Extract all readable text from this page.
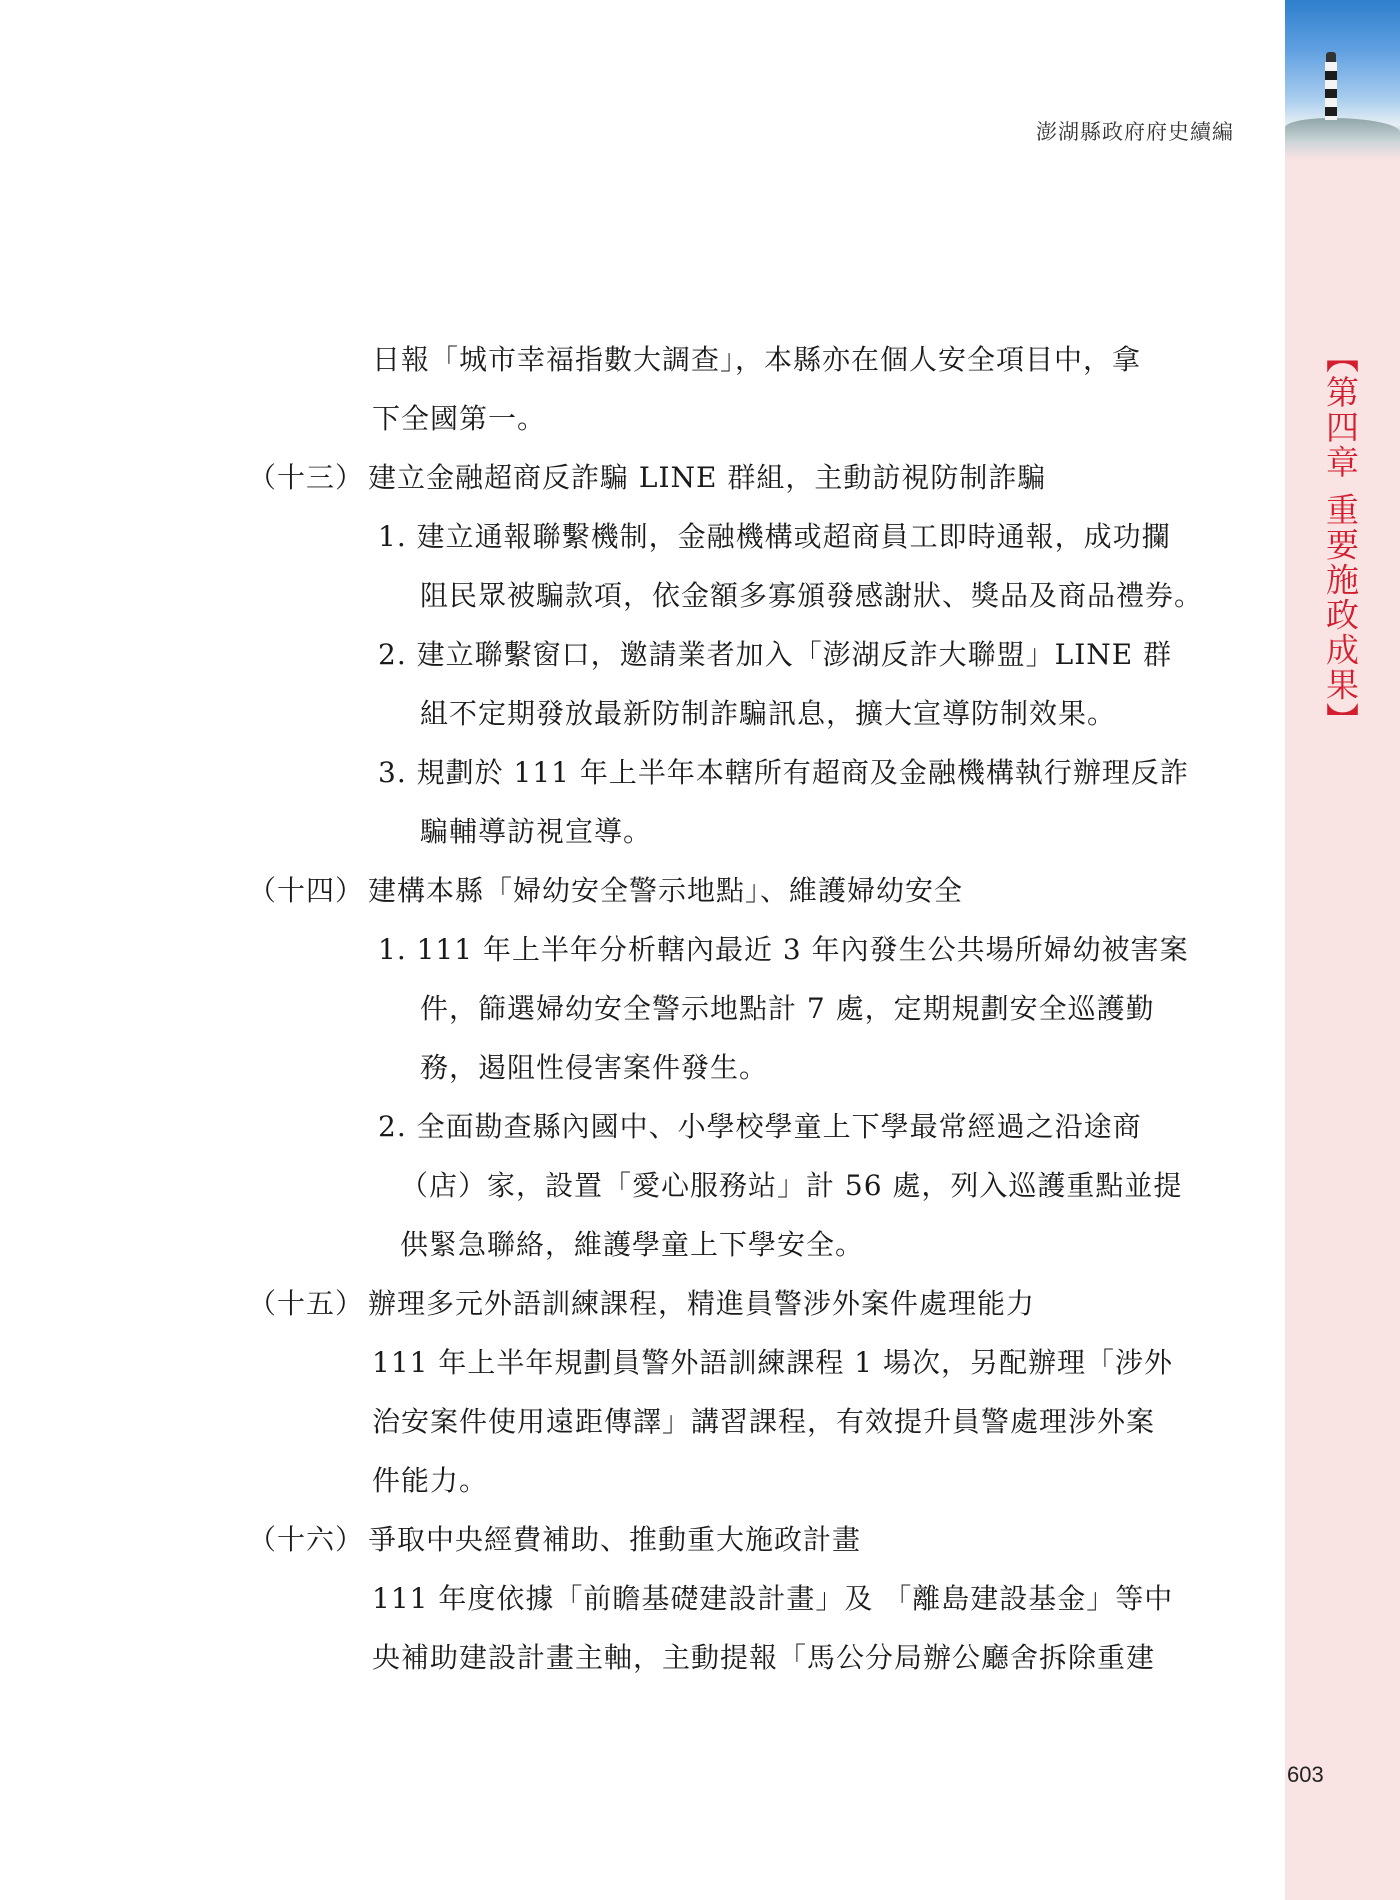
【第四章 重要施政成果】
澎湖縣政府府史續編
日報「城市幸福指數大調查」，本縣亦在個人安全項目中，拿
下全國第一。
（十三） 建立金融超商反詐騙 LINE 群組，主動訪視防制詐騙
1. 建立通報聯繫機制，金融機構或超商員工即時通報，成功攔
阻民眾被騙款項，依金額多寡頒發感謝狀、獎品及商品禮券。
2. 建立聯繫窗口，邀請業者加入「澎湖反詐大聯盟」LINE 群
組不定期發放最新防制詐騙訊息，擴大宣導防制效果。
3. 規劃於 111 年上半年本轄所有超商及金融機構執行辦理反詐
騙輔導訪視宣導。
（十四） 建構本縣「婦幼安全警示地點」、維護婦幼安全
1. 111 年上半年分析轄內最近 3 年內發生公共場所婦幼被害案
件，篩選婦幼安全警示地點計 7 處，定期規劃安全巡護勤
務，遏阻性侵害案件發生。
2. 全面勘查縣內國中、小學校學童上下學最常經過之沿途商
（店）家，設置「愛心服務站」計 56 處，列入巡護重點並提
供緊急聯絡，維護學童上下學安全。
（十五） 辦理多元外語訓練課程，精進員警涉外案件處理能力
111 年上半年規劃員警外語訓練課程 1 場次，另配辦理「涉外
治安案件使用遠距傳譯」講習課程，有效提升員警處理涉外案
件能力。
（十六） 爭取中央經費補助、推動重大施政計畫
111 年度依據「前瞻基礎建設計畫」及 「離島建設基金」等中
央補助建設計畫主軸，主動提報「馬公分局辦公廳舍拆除重建
603
